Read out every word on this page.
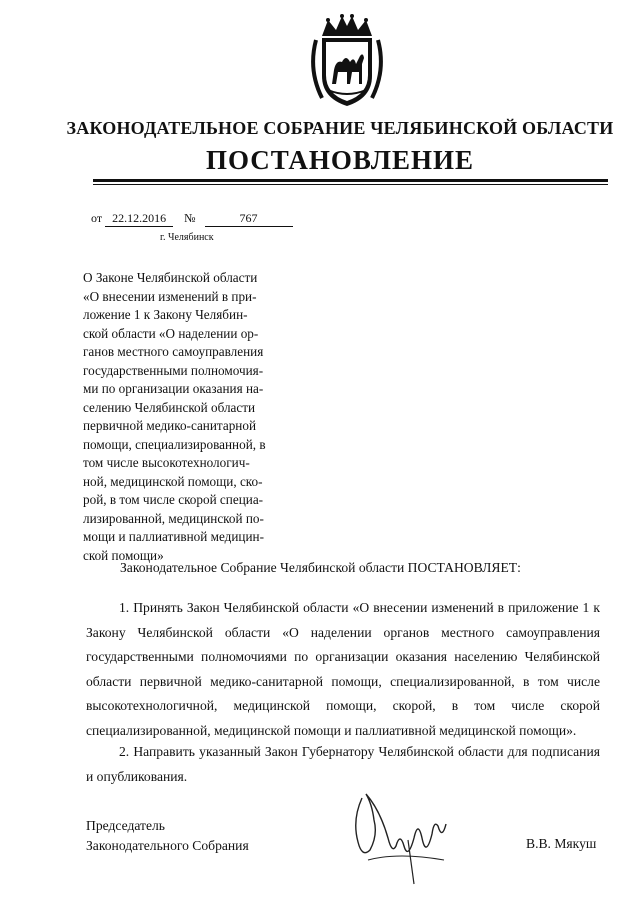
ЗАКОНОДАТЕЛЬНОЕ СОБРАНИЕ ЧЕЛЯБИНСКОЙ ОБЛАСТИ
ПОСТАНОВЛЕНИЕ
от 22.12.2016 №	767
г. Челябинск
О Законе Челябинской области
«О внесении изменений в при-
ложение 1 к Закону Челябин-
ской области «О наделении ор-
ганов местного самоуправления
государственными полномочия-
ми по организации оказания на-
селению Челябинской области
первичной медико-санитарной
помощи, специализированной, в
том числе высокотехнологич-
ной, медицинской помощи, ско-
рой, в том числе скорой специа-
лизированной, медицинской по-
мощи и паллиативной медицин-
ской помощи»
Законодательное Собрание Челябинской области ПОСТАНОВЛЯЕТ:
1. Принять Закон Челябинской области «О внесении изменений в приложение 1 к Закону Челябинской области «О наделении органов местного самоуправления государственными полномочиями по организации оказания населению Челябинской области первичной медико-санитарной помощи, специализированной, в том числе высокотехнологичной, медицинской помощи, скорой, в том числе скорой специализированной, медицинской помощи и паллиативной медицинской помощи».
2. Направить указанный Закон Губернатору Челябинской области для подписания и опубликования.
Председатель
Законодательного Собрания	В.В. Мякуш
